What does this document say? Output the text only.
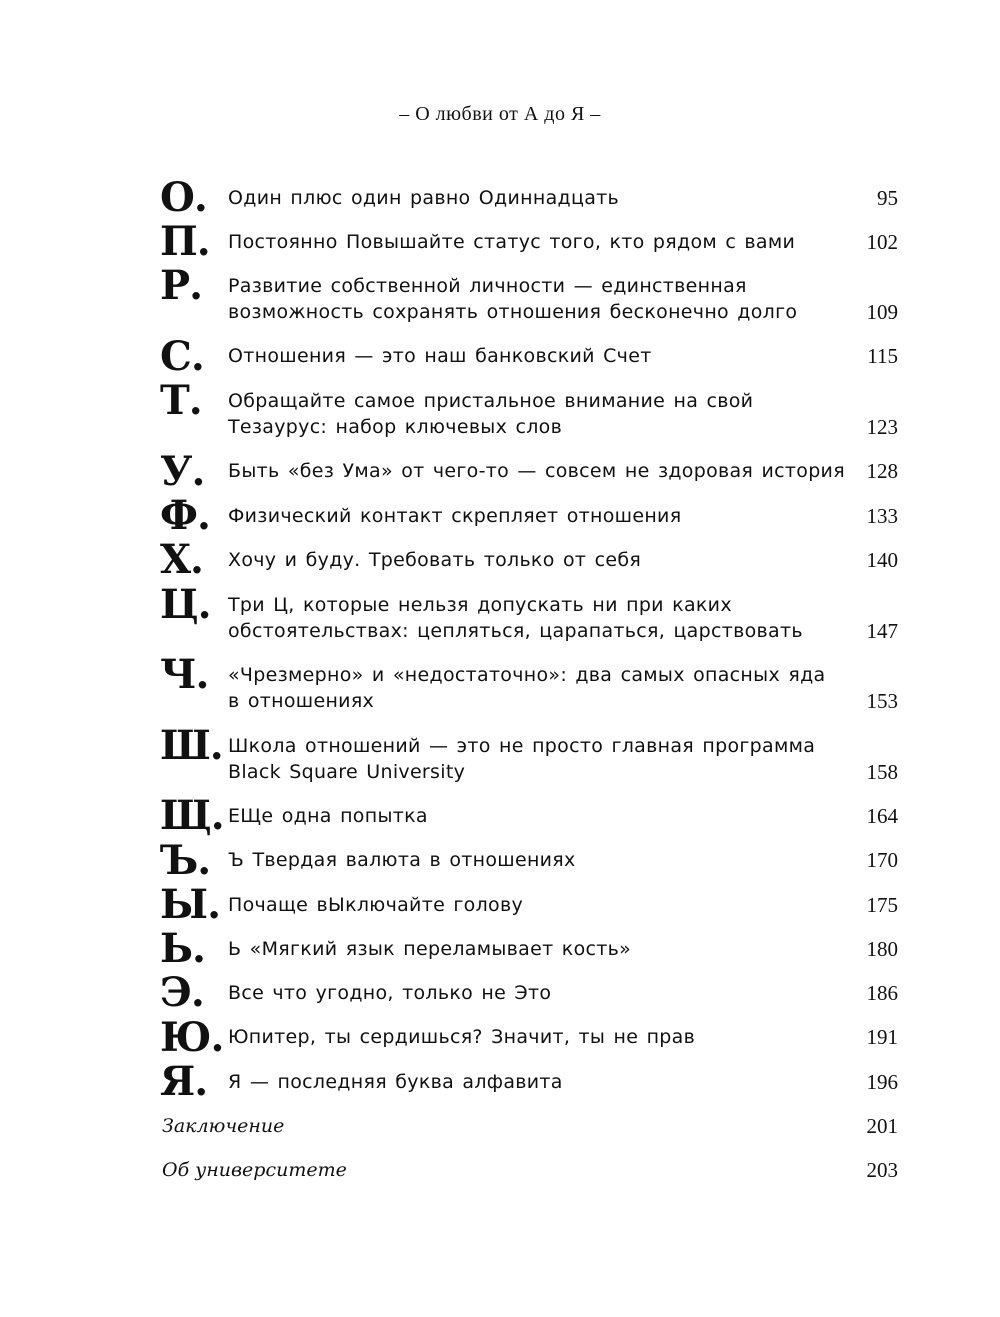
– О любви от А до Я –
О. Один плюс один равно Одиннадцать	95
П. Постоянно Повышайте статус того, кто рядом с вами	102
Р. Развитие собственной личности — единственная
возможность сохранять отношения бесконечно долго	109
С. Отношения — это наш банковский Счет	115
Т. Обращайте самое пристальное внимание на свой
Тезаурус: набор ключевых слов	123
У. Быть «без Ума» от чего-то — совсем не здоровая история 128
Ф. Физический контакт скрепляет отношения	133
Х. Хочу и буду. Требовать только от себя	140
Ц. Три Ц, которые нельзя допускать ни при каких
обстоятельствах: цепляться, царапаться, царствовать	147
Ч. «Чрезмерно» и «недостаточно»: два самых опасных яда
в отношениях	153
Ш. Школа отношений — это не просто главная программа
Black Square University	158
Щ. ЕЩе одна попытка	164
Ъ. Ъ Твердая валюта в отношениях	170
Ы. Почаще вЫключайте голову	175
Ь. Ь «Мягкий язык переламывает кость»	180
Э. Все что угодно, только не Это	186
Ю. Юпитер, ты сердишься? Значит, ты не прав	191
Я. Я — последняя буква алфавита	196
Заключение	201
Об университете	203
